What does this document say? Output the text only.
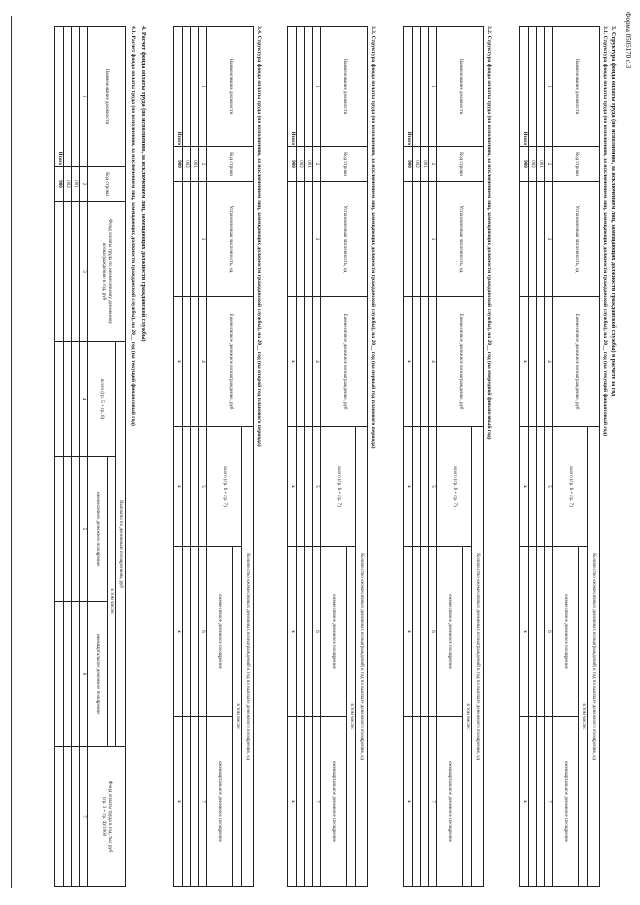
Форма 0505170 с.3
3. Структура фонда оплаты труда (по исполнению, за исключением лиц, замещающих должности гражданской службы) в расчете за год
3.1. Структура фонда оплаты труда (по исполнению, за исключением лиц, замещающих должности гражданской службы), на 20__ год (на текущий финансовый год)
Наименование должности	Код строки	Установленная численность, ед	Ежемесячное денежное вознаграждение, руб	Количество ежемесячных денежных вознаграждений в год по выплате денежного поощрения, ед		
				всего (гр. 6 + гр. 7)	в том числе:	
					ежемесячное денежное поощрение	ежеквартальное денежное поощрение
1	2	3	4	5	6	7
	001					
	002					
Итого	900		x	x	x	x
3.2. Структура фонда оплаты труда (по исполнению, за исключением лиц, замещающих должности гражданской службы), на 20__ год (на очередной финансовый год)
Наименование должности	Код строки	Установленная численность, ед	Ежемесячное денежное вознаграждение, руб	Количество ежемесячных денежных вознаграждений в год по выплате денежного поощрения, ед		
				всего (гр. 6 + гр. 7)	в том числе:	
					ежемесячное денежное поощрение	ежеквартальное денежное поощрение
1	2	3	4	5	6	7
	001					
	002					
Итого	900		x	x	x	x
3.3. Структура фонда оплаты труда (по исполнению, за исключением лиц, замещающих должности гражданской службы), на 20__ год (на первый год планового периода)
Наименование должности	Код строки	Установленная численность, ед	Ежемесячное денежное вознаграждение, руб	Количество ежемесячных денежных вознаграждений в год по выплате денежного поощрения, ед		
				всего (гр. 6 + гр. 7)	в том числе:	
					ежемесячное денежное поощрение	ежеквартальное денежное поощрение
1	2	3	4	5	6	7
	001					
	002					
Итого	900		x	x	x	x
3.4. Структура фонда оплаты труда (по исполнению, за исключением лиц, замещающих должности гражданской службы), на 20__ год (на второй год планового периода)
Наименование должности	Код строки	Установленная численность, ед	Ежемесячное денежное вознаграждение, руб	Количество ежемесячных денежных вознаграждений в год по выплате денежного поощрения, ед		
				всего (гр. 6 + гр. 7)	в том числе:	
					ежемесячное денежное поощрение	ежеквартальное денежное поощрение
1	2	3	4	5	6	7
	001					
	002					
Итого	900		x	x	x	x
4. Расчет фонда оплаты труда (по исполнению, за исключением лиц, замещающих должности гражданской службы)
4.1. Расчет фонда оплаты труда (по исполнению, за исключением лиц, замещающих должности гражданской службы), на 20__ год (на текущий финансовый год)
Наименование должности	Код строки	Фонд оплаты труда по ежемесячному денежному вознаграждению в год, руб	Выплаты по денежным поощрениям, руб			Фонд оплаты труда в год, тыс руб
(гр. 3 + гр. 4)/1000
			всего (гр. 5 + гр. 6)	в том числе:		
				ежемесячное денежное поощрение	ежеквартальное денежное поощрение	
1	2	3	4	5	6	7
	001					
	002					
Итого	900					
